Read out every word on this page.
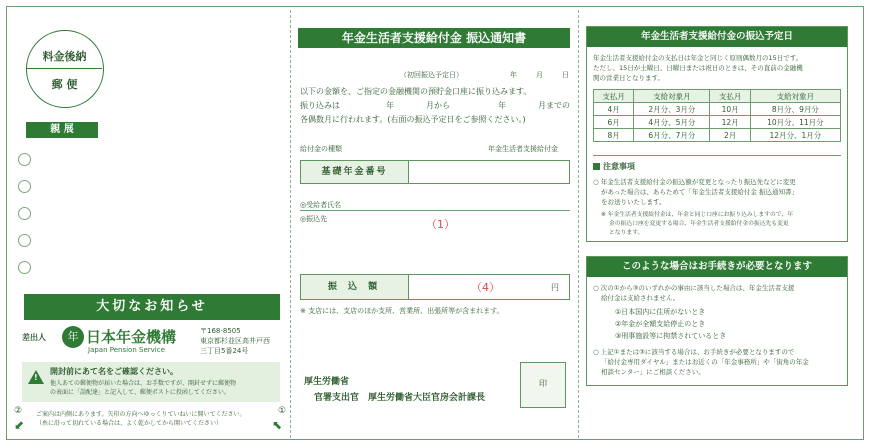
料金後納
郵 便
親 展
大切なお知らせ
差出人	年 日本年金機構
Japan Pension Service
〒168-8505
東京都杉並区高井戸西
三丁目5番24号
!
開封前にあて名をご確認ください。
他人あての郵便物が届いた場合は、お手数ですが、開封せずに郵便物
の表面に「誤配達」と記入して、郵便ポストに投函してください。
②
⬋
ご案内は内側にあります。矢印の方向へゆっくりていねいに開いてください。
（糸に沿って切れている場合は、よく乾かしてから開いてください）
①
⬉
年金生活者支援給付金 振込通知書
（初回振込予定日）	年	月	日
以下の金額を、ご指定の金融機関の預貯金口座に振り込みます。
振り込みは	年	月から	年	月までの
各偶数月に行われます。(右面の振込予定日をご参照ください。)
給付金の種類	年金生活者支援給付金
基礎年金番号
◎受給者氏名
◎振込先	（1）
振 込 額	（4）	円
※ 支店には、支店のほか支所、営業所、出張所等が含まれます。
厚生労働省
官署支出官　厚生労働省大臣官房会計課長
印
年金生活者支援給付金の振込予定日
年金生活者支援給付金の支払日は年金と同じく原則偶数月の15日です。
ただし、15日が土曜日、日曜日または祝日のときは、その直前の金融機
関の営業日となります。
支払月	支給対象月	支払月	支給対象月
4月	2月分、3月分	10月	8月分、9月分
6月	4月分、5月分	12月	10月分、11月分
8月	6月分、7月分	2月	12月分、1月分
注意事項
○ 年金生活者支援給付金の振込額が変更となったり振込先などに変更
があった場合は、あらためて「年金生活者支援給付金 振込通知書」
をお送りいたします。
※ 年金生活者支援給付金は、年金と同じ口座にお振り込みしますので、年
金の振込口座を変更する場合、年金生活者支援給付金の振込先も変更
となります。
このような場合はお手続きが必要となります
○ 次の①から③のいずれかの事由に該当した場合は、年金生活者支援
給付金は支給されません。
①日本国内に住所がないとき
②年金が全額支給停止のとき
③刑事施設等に拘禁されているとき
○ 上記①または③に該当する場合は、お手続きが必要となりますので
「給付金専用ダイヤル」またはお近くの「年金事務所」や「街角の年金
相談センター」にご相談ください。
